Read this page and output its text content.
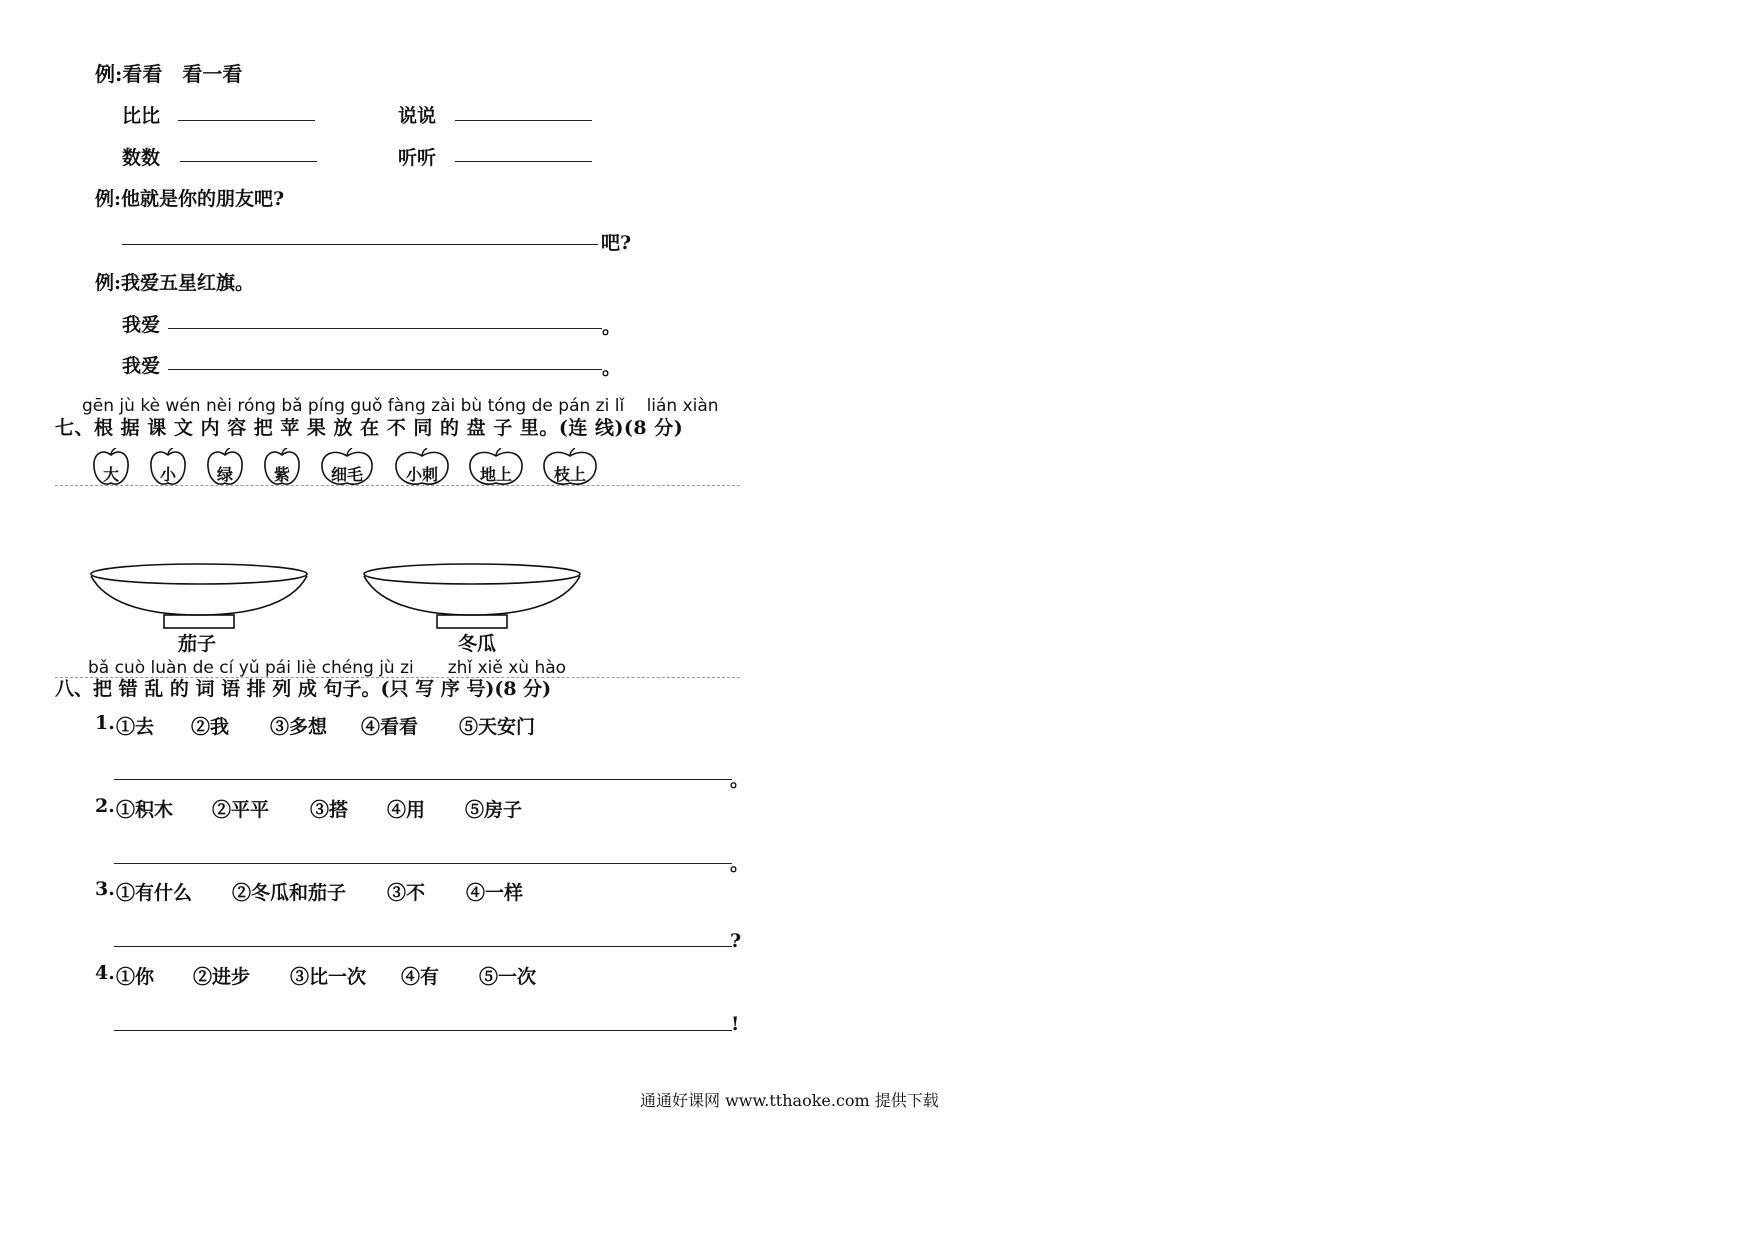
例:看看　看一看
比比	说说
数数	听听
例:他就是你的朋友吧?
吧?
例:我爱五星红旗。
我爱	。
我爱	。
gēn jù kè wén nèi róng bǎ píng guǒ fàng zài bù tóng de pán zi lǐ　 lián xiàn
七、根 据 课 文 内 容 把 苹 果 放 在 不 同 的 盘 子 里。(连 线)(8 分)
大	小	绿	紫	细毛	小刺	地上	枝上
茄子	冬瓜
bǎ cuò luàn de cí yǔ pái liè chéng jù zi　　zhǐ xiě xù hào
八、把 错 乱 的 词 语 排 列 成 句子。(只 写 序 号)(8 分)
1. ①去 ②我 ③多想 ④看看 ⑤天安门
。
2. ①积木 ②平平 ③搭 ④用 ⑤房子
。
3. ①有什么 ②冬瓜和茄子 ③不 ④一样
?
4. ①你 ②进步 ③比一次 ④有 ⑤一次
!
通通好课网 www.tthaoke.com 提供下载
